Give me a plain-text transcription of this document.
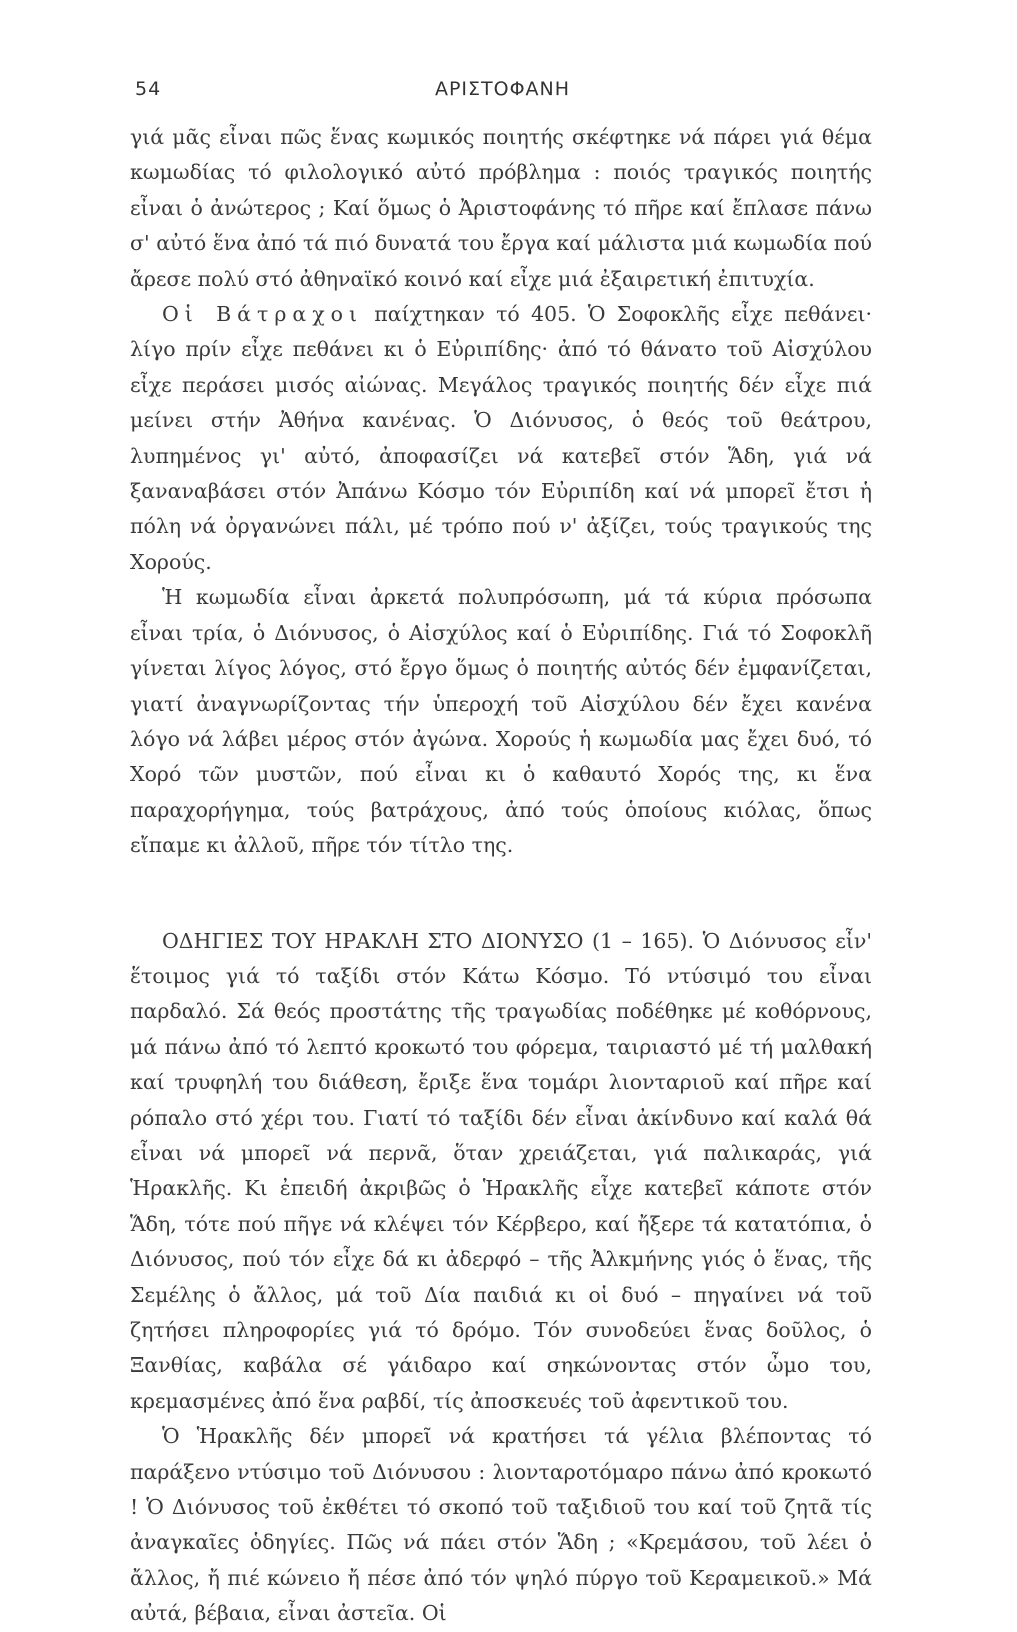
54	ΑΡΙΣΤΟΦΑΝΗ

γιά μᾶς εἶναι πῶς ἕνας κωμικός ποιητής σκέφτηκε νά πάρει γιά θέμα κωμωδίας τό φιλολογικό αὐτό πρόβλημα : ποιός τραγικός ποιητής εἶναι ὁ ἀνώτερος ; Καί ὅμως ὁ Ἀριστοφάνης τό πῆρε καί ἔπλασε πάνω σ' αὐτό ἕνα ἀπό τά πιό δυνατά του ἔργα καί μάλιστα μιά κωμωδία πού ἄρεσε πολύ στό ἀθηναϊκό κοινό καί εἶχε μιά ἐξαιρετική ἐπιτυχία.

Οἱ Βάτραχοι παίχτηκαν τό 405. Ὁ Σοφοκλῆς εἶχε πεθάνει· λίγο πρίν εἶχε πεθάνει κι ὁ Εὐριπίδης· ἀπό τό θάνατο τοῦ Αἰσχύλου εἶχε περάσει μισός αἰώνας. Μεγάλος τραγικός ποιητής δέν εἶχε πιά μείνει στήν Ἀθήνα κανένας. Ὁ Διόνυσος, ὁ θεός τοῦ θεάτρου, λυπημένος γι' αὐτό, ἀποφασίζει νά κατεβεῖ στόν Ἅδη, γιά νά ξαναναβάσει στόν Ἀπάνω Κόσμο τόν Εὐριπίδη καί νά μπορεῖ ἔτσι ἡ πόλη νά ὀργανώνει πάλι, μέ τρόπο πού ν' ἀξίζει, τούς τραγικούς της Χορούς.

Ἡ κωμωδία εἶναι ἀρκετά πολυπρόσωπη, μά τά κύρια πρόσωπα εἶναι τρία, ὁ Διόνυσος, ὁ Αἰσχύλος καί ὁ Εὐριπίδης. Γιά τό Σοφοκλῆ γίνεται λίγος λόγος, στό ἔργο ὅμως ὁ ποιητής αὐτός δέν ἐμφανίζεται, γιατί ἀναγνωρίζοντας τήν ὑπεροχή τοῦ Αἰσχύλου δέν ἔχει κανένα λόγο νά λάβει μέρος στόν ἀγώνα. Χορούς ἡ κωμωδία μας ἔχει δυό, τό Χορό τῶν μυστῶν, πού εἶναι κι ὁ καθαυτό Χορός της, κι ἕνα παραχορήγημα, τούς βατράχους, ἀπό τούς ὁποίους κιόλας, ὅπως εἴπαμε κι ἀλλοῦ, πῆρε τόν τίτλο της.

ΟΔΗΓΙΕΣ ΤΟΥ ΗΡΑΚΛΗ ΣΤΟ ΔΙΟΝΥΣΟ (1 – 165). Ὁ Διόνυσος εἶν' ἕτοιμος γιά τό ταξίδι στόν Κάτω Κόσμο. Τό ντύσιμό του εἶναι παρδαλό. Σά θεός προστάτης τῆς τραγωδίας ποδέθηκε μέ κοθόρνους, μά πάνω ἀπό τό λεπτό κροκωτό του φόρεμα, ταιριαστό μέ τή μαλθακή καί τρυφηλή του διάθεση, ἔριξε ἕνα τομάρι λιονταριοῦ καί πῆρε καί ρόπαλο στό χέρι του. Γιατί τό ταξίδι δέν εἶναι ἀκίνδυνο καί καλά θά εἶναι νά μπορεῖ νά περνᾶ, ὅταν χρειάζεται, γιά παλικαράς, γιά Ἡρακλῆς. Κι ἐπειδή ἀκριβῶς ὁ Ἡρακλῆς εἶχε κατεβεῖ κάποτε στόν Ἅδη, τότε πού πῆγε νά κλέψει τόν Κέρβερο, καί ἤξερε τά κατατόπια, ὁ Διόνυσος, πού τόν εἶχε δά κι ἀδερφό – τῆς Ἀλκμήνης γιός ὁ ἕνας, τῆς Σεμέλης ὁ ἄλλος, μά τοῦ Δία παιδιά κι οἱ δυό – πηγαίνει νά τοῦ ζητήσει πληροφορίες γιά τό δρόμο. Τόν συνοδεύει ἕνας δοῦλος, ὁ Ξανθίας, καβάλα σέ γάιδαρο καί σηκώνοντας στόν ὦμο του, κρεμασμένες ἀπό ἕνα ραβδί, τίς ἀποσκευές τοῦ ἀφεντικοῦ του.

Ὁ Ἡρακλῆς δέν μπορεῖ νά κρατήσει τά γέλια βλέποντας τό παράξενο ντύσιμο τοῦ Διόνυσου : λιονταροτόμαρο πάνω ἀπό κροκωτό ! Ὁ Διόνυσος τοῦ ἐκθέτει τό σκοπό τοῦ ταξιδιοῦ του καί τοῦ ζητᾶ τίς ἀναγκαῖες ὁδηγίες. Πῶς νά πάει στόν Ἅδη ; «Κρεμάσου, τοῦ λέει ὁ ἄλλος, ἤ πιέ κώνειο ἤ πέσε ἀπό τόν ψηλό πύργο τοῦ Κεραμεικοῦ.» Μά αὐτά, βέβαια, εἶναι ἀστεῖα. Οἱ
